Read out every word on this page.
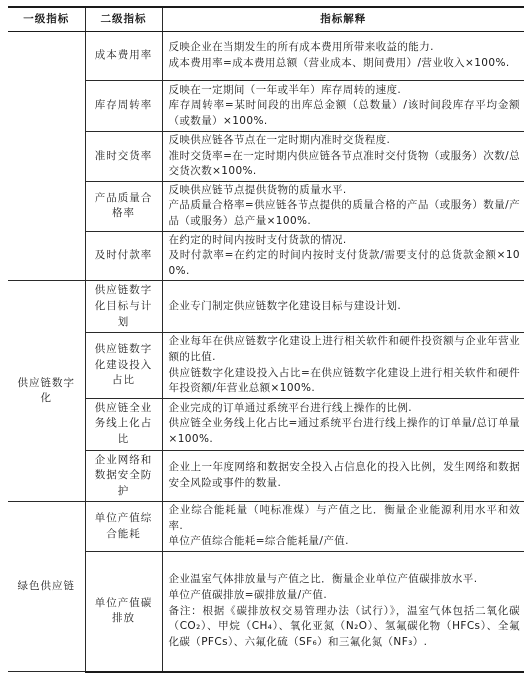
一级指标	二级指标	指标解释
	成本费用率	反映企业在当期发生的所有成本费用所带来收益的能力.
成本费用率=成本费用总额（营业成本、期间费用）/营业收入×100%.

	库存周转率	反映在一定期间（一年或半年）库存周转的速度.
库存周转率=某时间段的出库总金额（总数量）/该时间段库存平均金额（或数量）×100%.

	准时交货率	反映供应链各节点在一定时期内准时交货程度.
准时交货率=在一定时期内供应链各节点准时交付货物（或服务）次数/总交货次数×100%.

	产品质量合格率	反映供应链节点提供货物的质量水平.
产品质量合格率=供应链各节点提供的质量合格的产品（或服务）数量/产品（或服务）总产量×100%.

	及时付款率	在约定的时间内按时支付货款的情况.
及时付款率=在约定的时间内按时支付货款/需要支付的总货款金额×100%.

供应链数字化	供应链数字化目标与计划	企业专门制定供应链数字化建设目标与建设计划.

	供应链数字化建设投入占比	企业每年在供应链数字化建设上进行相关软件和硬件投资额与企业年营业额的比值.
供应链数字化建设投入占比=在供应链数字化建设上进行相关软件和硬件年投资额/年营业总额×100%.

	供应链全业务线上化占比	企业完成的订单通过系统平台进行线上操作的比例.
供应链全业务线上化占比=通过系统平台进行线上操作的订单量/总订单量×100%.

	企业网络和数据安全防护	企业上一年度网络和数据安全投入占信息化的投入比例，发生网络和数据安全风险或事件的数量.

绿色供应链	单位产值综合能耗	企业综合能耗量（吨标准煤）与产值之比．衡量企业能源利用水平和效率.
单位产值综合能耗=综合能耗量/产值.

	单位产值碳排放	企业温室气体排放量与产值之比．衡量企业单位产值碳排放水平.
单位产值碳排放=碳排放量/产值.
备注：根据《碳排放权交易管理办法（试行）》，温室气体包括二氧化碳（CO₂）、甲烷（CH₄）、氧化亚氮（N₂O）、氢氟碳化物（HFCs）、全氟化碳（PFCs）、六氟化硫（SF₆）和三氟化氮（NF₃）.
